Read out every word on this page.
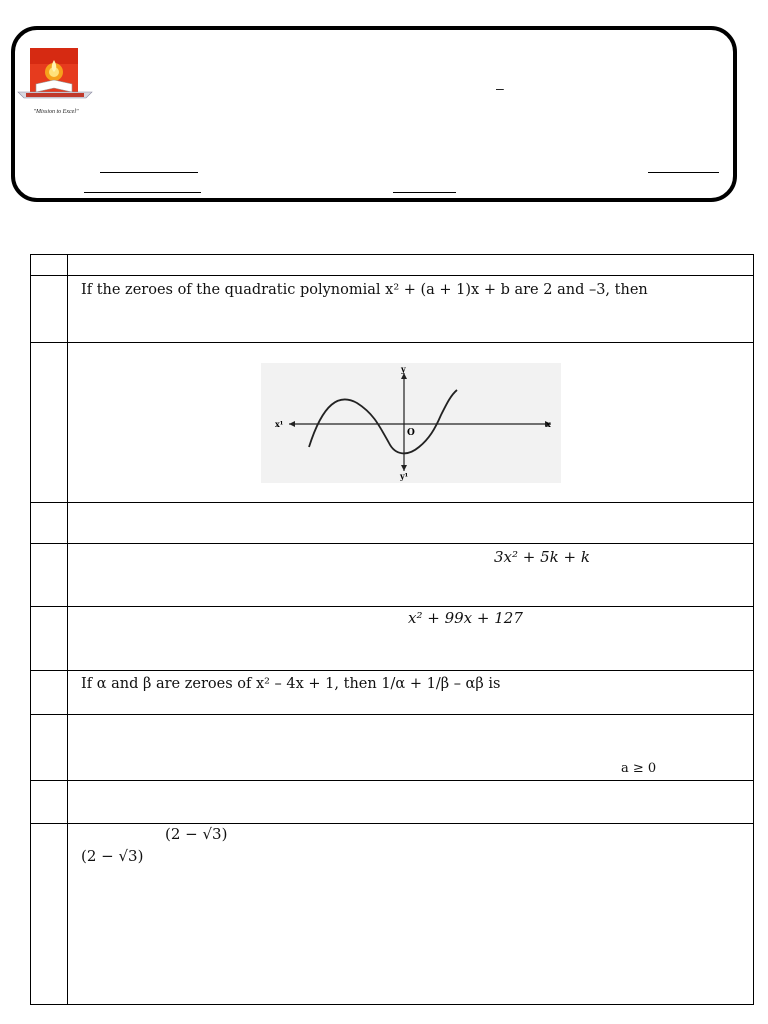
"Mission to Excel"
–

	If the zeroes of the quadratic polynomial x² + (a + 1)x + b are 2 and –3, then

y
x
x¹
y¹
O

	3x² + 5k + k

	x² + 99x + 127

	If α and β are zeroes of x² – 4x + 1, then 1/α + 1/β – αβ is

	a ≥ 0

	(2 − √3)
(2 − √3)
